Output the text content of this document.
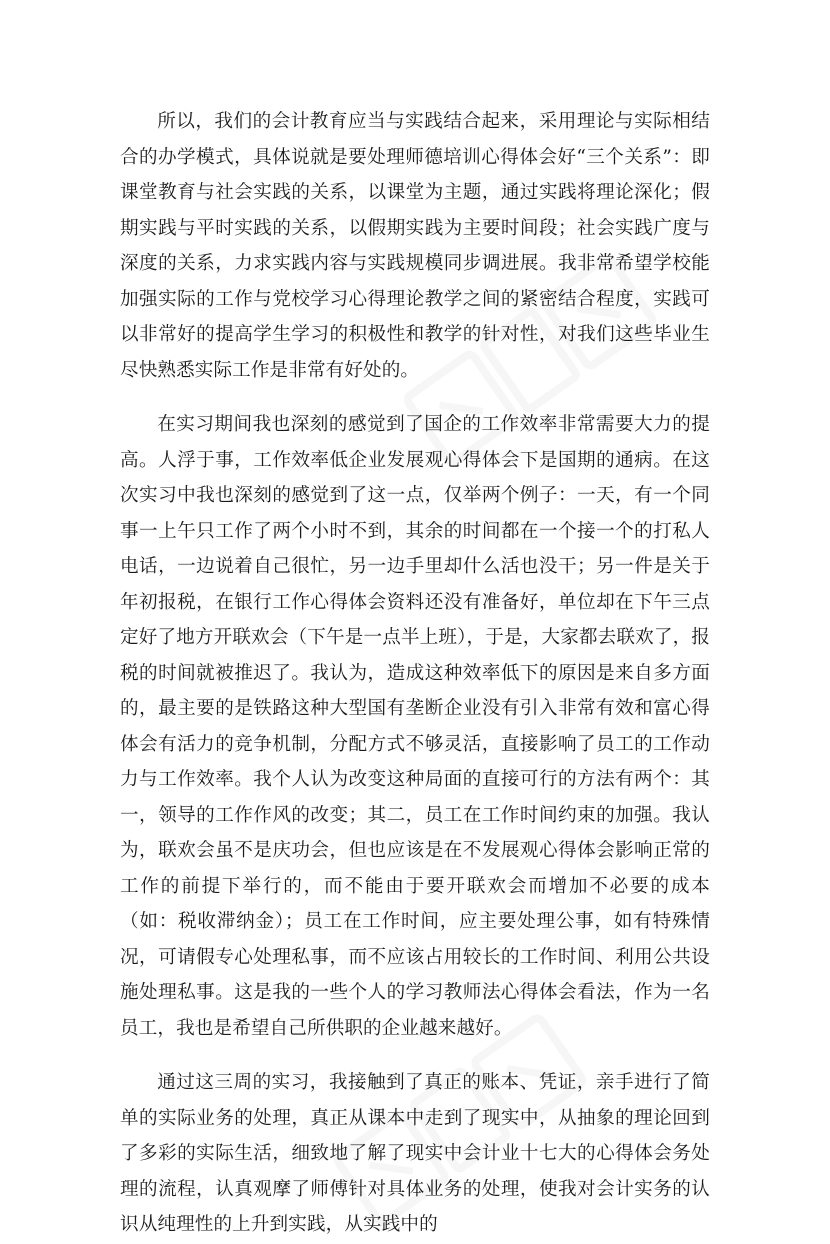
所以，我们的会计教育应当与实践结合起来，采用理论与实际相结合的办学模式，具体说就是要处理师德培训心得体会好“三个关系”：即课堂教育与社会实践的关系，以课堂为主题，通过实践将理论深化；假期实践与平时实践的关系，以假期实践为主要时间段；社会实践广度与深度的关系，力求实践内容与实践规模同步调进展。我非常希望学校能加强实际的工作与党校学习心得理论教学之间的紧密结合程度，实践可以非常好的提高学生学习的积极性和教学的针对性，对我们这些毕业生尽快熟悉实际工作是非常有好处的。

在实习期间我也深刻的感觉到了国企的工作效率非常需要大力的提高。人浮于事，工作效率低企业发展观心得体会下是国期的通病。在这次实习中我也深刻的感觉到了这一点，仅举两个例子：一天，有一个同事一上午只工作了两个小时不到，其余的时间都在一个接一个的打私人电话，一边说着自己很忙，另一边手里却什么活也没干；另一件是关于年初报税，在银行工作心得体会资料还没有准备好，单位却在下午三点定好了地方开联欢会（下午是一点半上班），于是，大家都去联欢了，报税的时间就被推迟了。我认为，造成这种效率低下的原因是来自多方面的，最主要的是铁路这种大型国有垄断企业没有引入非常有效和富心得体会有活力的竞争机制，分配方式不够灵活，直接影响了员工的工作动力与工作效率。我个人认为改变这种局面的直接可行的方法有两个：其一，领导的工作作风的改变；其二，员工在工作时间约束的加强。我认为，联欢会虽不是庆功会，但也应该是在不发展观心得体会影响正常的工作的前提下举行的，而不能由于要开联欢会而增加不必要的成本（如：税收滞纳金）；员工在工作时间，应主要处理公事，如有特殊情况，可请假专心处理私事，而不应该占用较长的工作时间、利用公共设施处理私事。这是我的一些个人的学习教师法心得体会看法，作为一名员工，我也是希望自己所供职的企业越来越好。

通过这三周的实习，我接触到了真正的账本、凭证，亲手进行了简单的实际业务的处理，真正从课本中走到了现实中，从抽象的理论回到了多彩的实际生活，细致地了解了现实中会计业十七大的心得体会务处理的流程，认真观摩了师傅针对具体业务的处理，使我对会计实务的认识从纯理性的上升到实践，从实践中的
